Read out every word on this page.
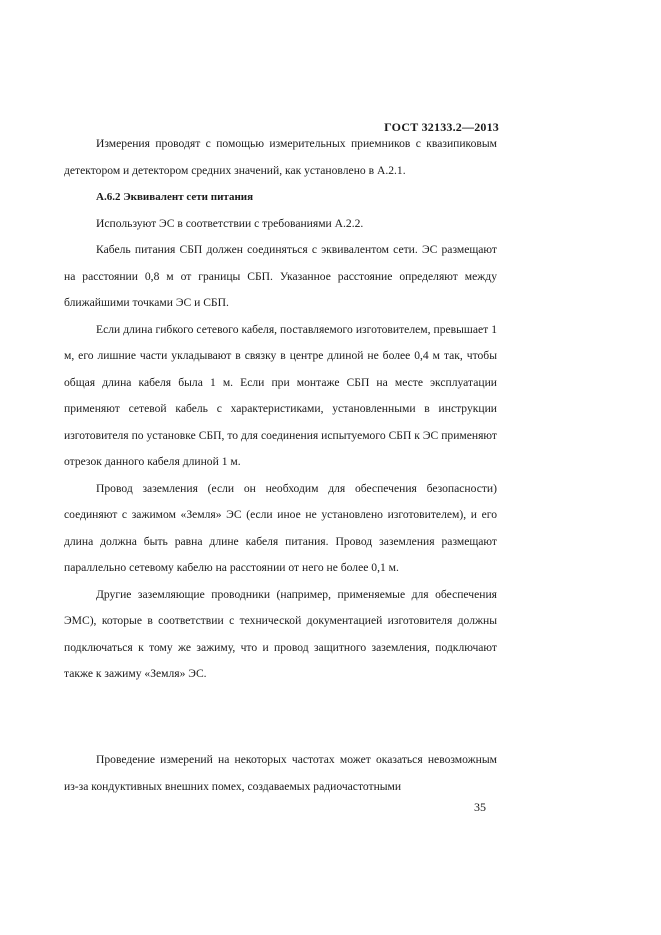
ГОСТ 32133.2—2013

Измерения проводят с помощью измерительных приемников с квазипиковым детектором и детектором средних значений, как установлено в А.2.1.

А.6.2 Эквивалент сети питания

Используют ЭС в соответствии с требованиями А.2.2.

Кабель питания СБП должен соединяться с эквивалентом сети. ЭС размещают на расстоянии 0,8 м от границы СБП. Указанное расстояние определяют между ближайшими точками ЭС и СБП.

Если длина гибкого сетевого кабеля, поставляемого изготовителем, превышает 1 м, его лишние части укладывают в связку в центре длиной не более 0,4 м так, чтобы общая длина кабеля была 1 м. Если при монтаже СБП на месте эксплуатации применяют сетевой кабель с характеристиками, установленными в инструкции изготовителя по установке СБП, то для соединения испытуемого СБП к ЭС применяют отрезок данного кабеля длиной 1 м.

Провод заземления (если он необходим для обеспечения безопасности) соединяют с зажимом «Земля» ЭС (если иное не установлено изготовителем), и его длина должна быть равна длине кабеля питания. Провод заземления размещают параллельно сетевому кабелю на расстоянии от него не более 0,1 м.

Другие заземляющие проводники (например, применяемые для обеспечения ЭМС), которые в соответствии с технической документацией изготовителя должны подключаться к тому же зажиму, что и провод защитного заземления, подключают также к зажиму «Земля» ЭС.

Проведение измерений на некоторых частотах может оказаться невозможным из-за кондуктивных внешних помех, создаваемых радиочастотными

35
